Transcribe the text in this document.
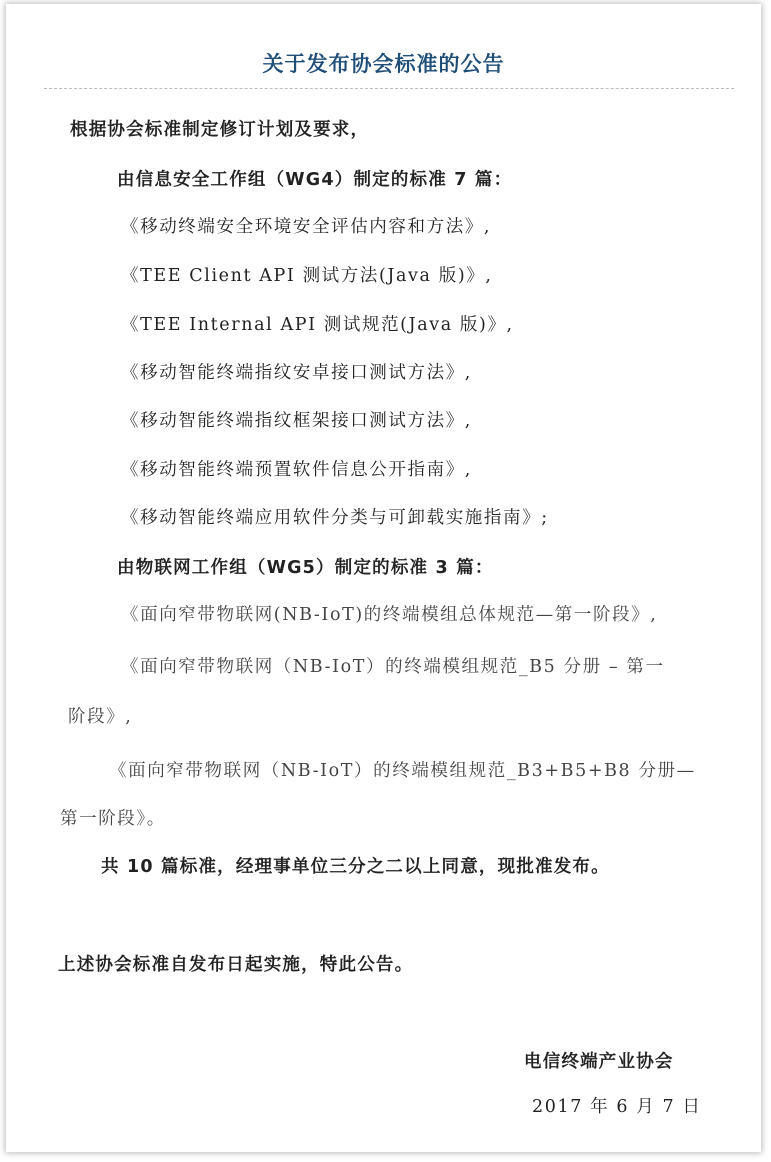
关于发布协会标准的公告
根据协会标准制定修订计划及要求，
由信息安全工作组（WG4）制定的标准 7 篇：
《移动终端安全环境安全评估内容和方法》,
《TEE Client API 测试方法(Java 版)》,
《TEE Internal API 测试规范(Java 版)》,
《移动智能终端指纹安卓接口测试方法》,
《移动智能终端指纹框架接口测试方法》,
《移动智能终端预置软件信息公开指南》,
《移动智能终端应用软件分类与可卸载实施指南》;
由物联网工作组（WG5）制定的标准 3 篇：
《面向窄带物联网(NB-IoT)的终端模组总体规范—第一阶段》,
《面向窄带物联网（NB-IoT）的终端模组规范_B5 分册 – 第一
阶段》,
《面向窄带物联网（NB-IoT）的终端模组规范_B3+B5+B8 分册—
第一阶段》。
共 10 篇标准，经理事单位三分之二以上同意，现批准发布。
上述协会标准自发布日起实施，特此公告。
电信终端产业协会
2017 年 6 月 7 日
